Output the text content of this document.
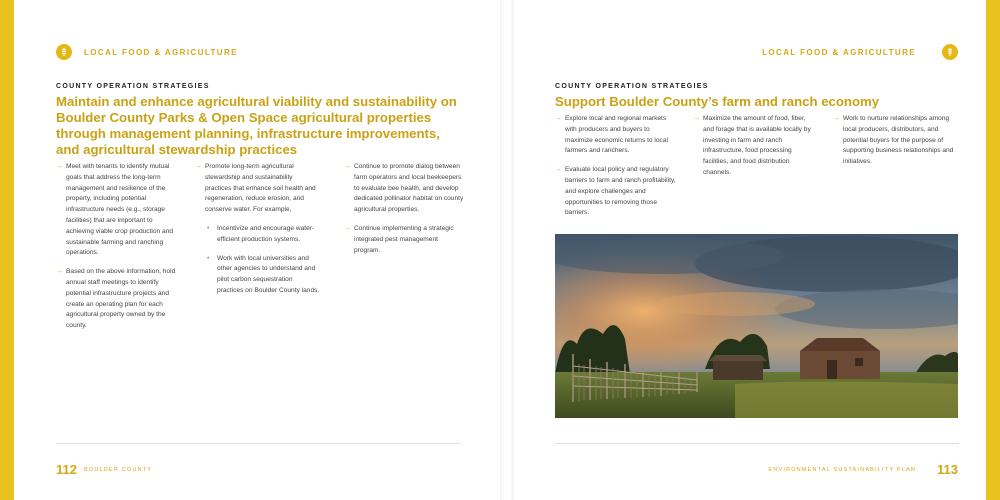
LOCAL FOOD & AGRICULTURE
COUNTY OPERATION STRATEGIES
Maintain and enhance agricultural viability and sustainability on Boulder County Parks & Open Space agricultural properties through management planning, infrastructure improvements, and agricultural stewardship practices
→ Meet with tenants to identify mutual goals that address the long-term management and resilience of the property, including potential infrastructure needs (e.g., storage facilities) that are important to achieving viable crop production and sustainable farming and ranching operations.
→ Based on the above information, hold annual staff meetings to identify potential infrastructure projects and create an operating plan for each agricultural property owned by the county.
→ Promote long-term agricultural stewardship and sustainability practices that enhance soil health and regeneration, reduce erosion, and conserve water. For example,
• Incentivize and encourage water-efficient production systems.
• Work with local universities and other agencies to understand and pilot carbon sequestration practices on Boulder County lands.
→ Continue to promote dialog between farm operators and local beekeepers to evaluate bee health, and develop dedicated pollinator habitat on county agricultural properties.
→ Continue implementing a strategic integrated pest management program.
112 BOULDER COUNTY
LOCAL FOOD & AGRICULTURE
COUNTY OPERATION STRATEGIES
Support Boulder County’s farm and ranch economy
→ Explore local and regional markets with producers and buyers to maximize economic returns to local farmers and ranchers.
→ Evaluate local policy and regulatory barriers to farm and ranch profitability, and explore challenges and opportunities to removing those barriers.
→ Maximize the amount of food, fiber, and forage that is available locally by investing in farm and ranch infrastructure, food processing facilities, and food distribution channels.
→ Work to nurture relationships among local producers, distributors, and potential buyers for the purpose of supporting business relationships and initiatives.
ENVIRONMENTAL SUSTAINABILITY PLAN 113
